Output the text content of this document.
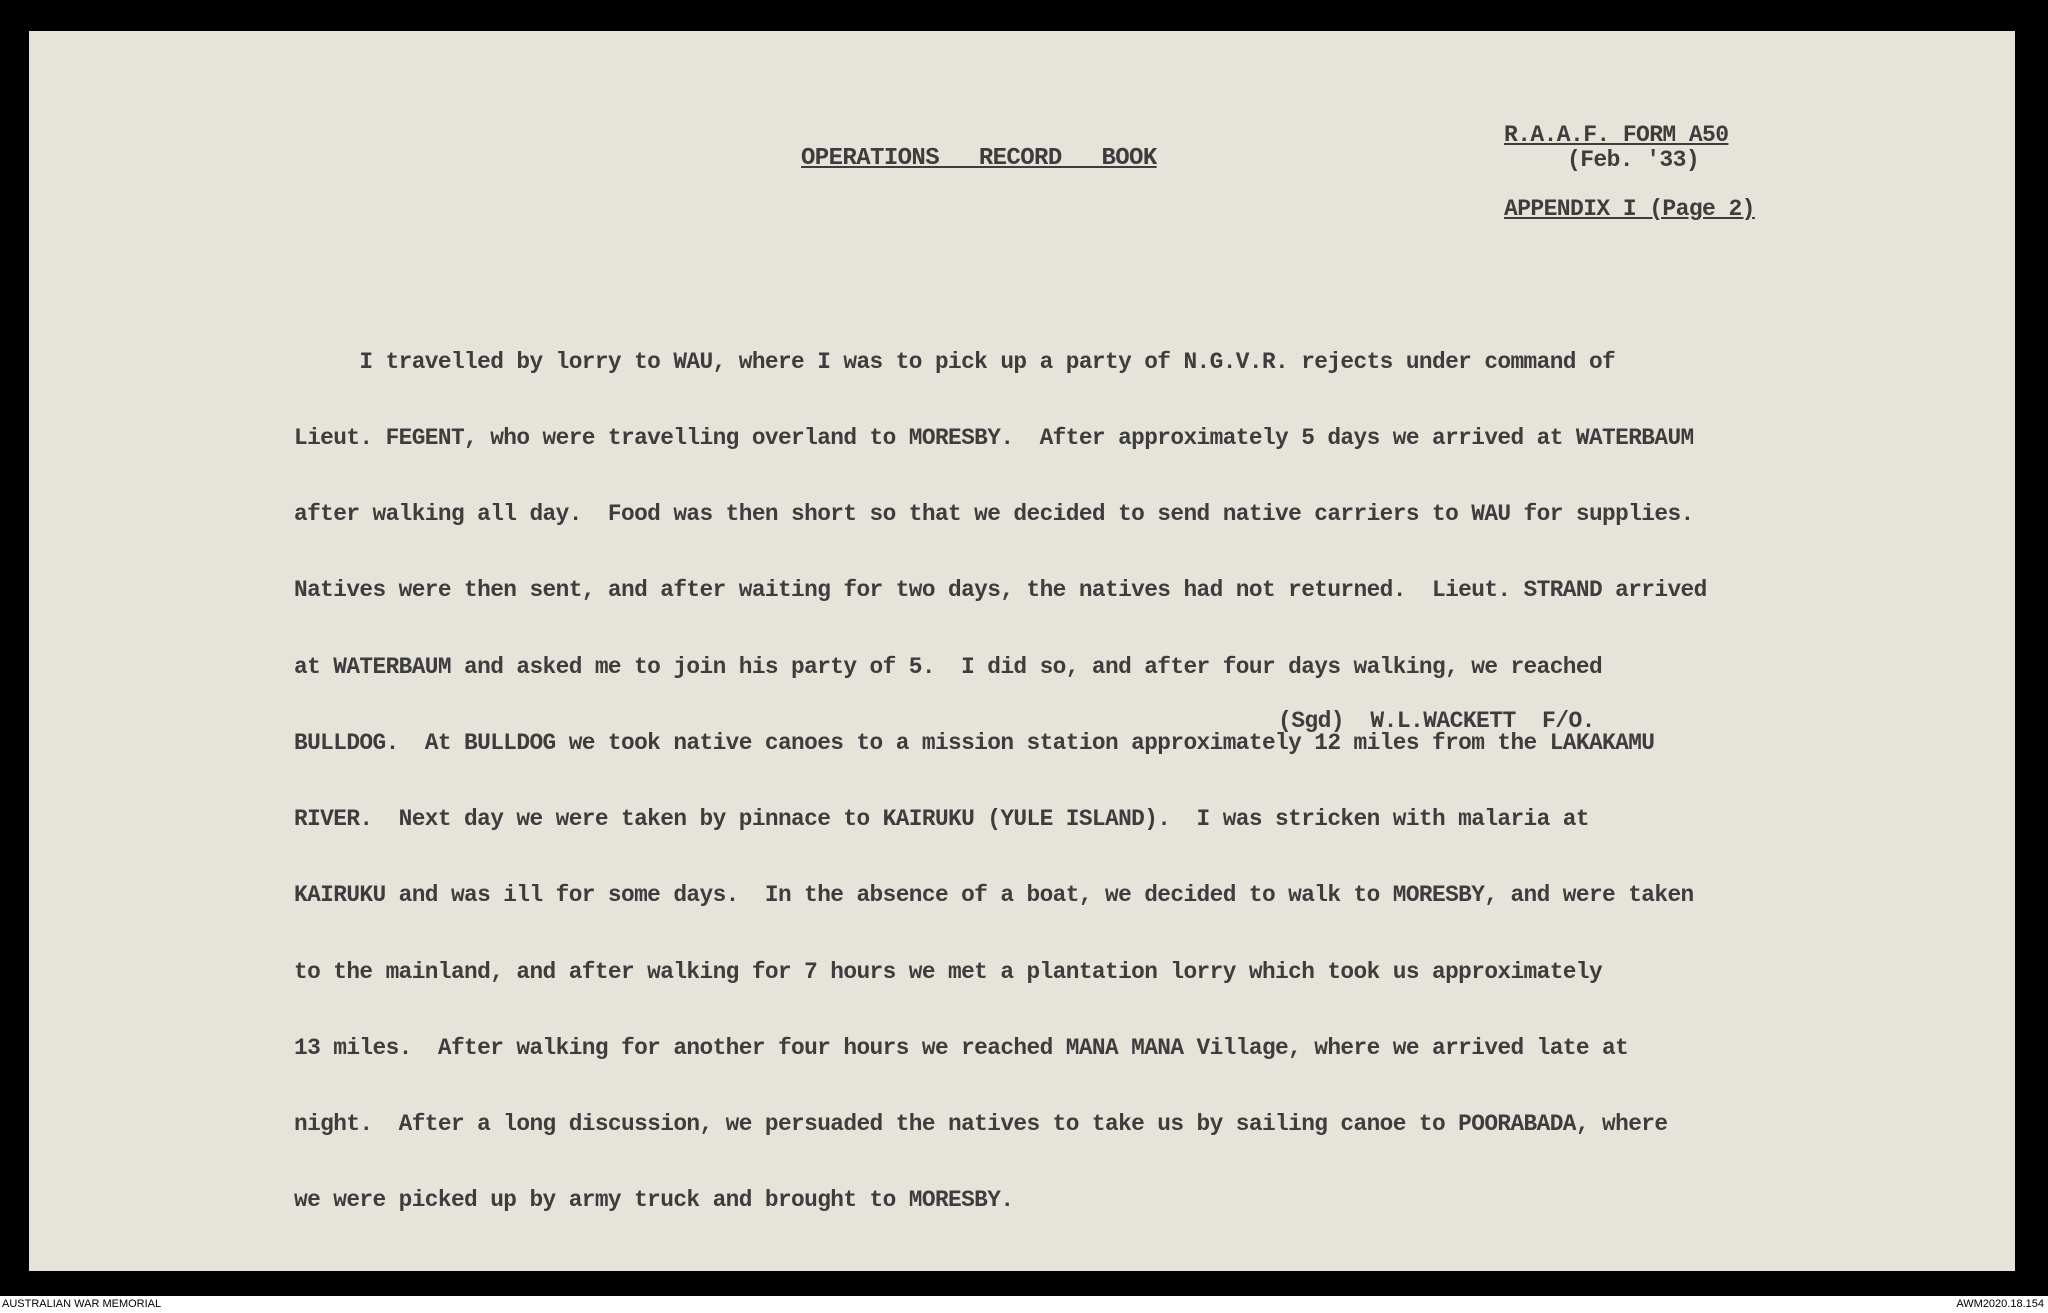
OPERATIONS RECORD BOOK
R.A.A.F. FORM A50
(Feb. '33)
APPENDIX I (Page 2)

I travelled by lorry to WAU, where I was to pick up a party of N.G.V.R. rejects under command of

Lieut. FEGENT, who were travelling overland to MORESBY.  After approximately 5 days we arrived at WATERBAUM

after walking all day.  Food was then short so that we decided to send native carriers to WAU for supplies.

Natives were then sent, and after waiting for two days, the natives had not returned.  Lieut. STRAND arrived

at WATERBAUM and asked me to join his party of 5.  I did so, and after four days walking, we reached

BULLDOG.  At BULLDOG we took native canoes to a mission station approximately 12 miles from the LAKAKAMU

RIVER.  Next day we were taken by pinnace to KAIRUKU (YULE ISLAND).  I was stricken with malaria at

KAIRUKU and was ill for some days.  In the absence of a boat, we decided to walk to MORESBY, and were taken

to the mainland, and after walking for 7 hours we met a plantation lorry which took us approximately

13 miles.  After walking for another four hours we reached MANA MANA Village, where we arrived late at

night.  After a long discussion, we persuaded the natives to take us by sailing canoe to POORABADA, where

we were picked up by army truck and brought to MORESBY.

(Sgd)  W.L.WACKETT  F/O.
AUSTRALIAN WAR MEMORIAL	AWM2020.18.154
